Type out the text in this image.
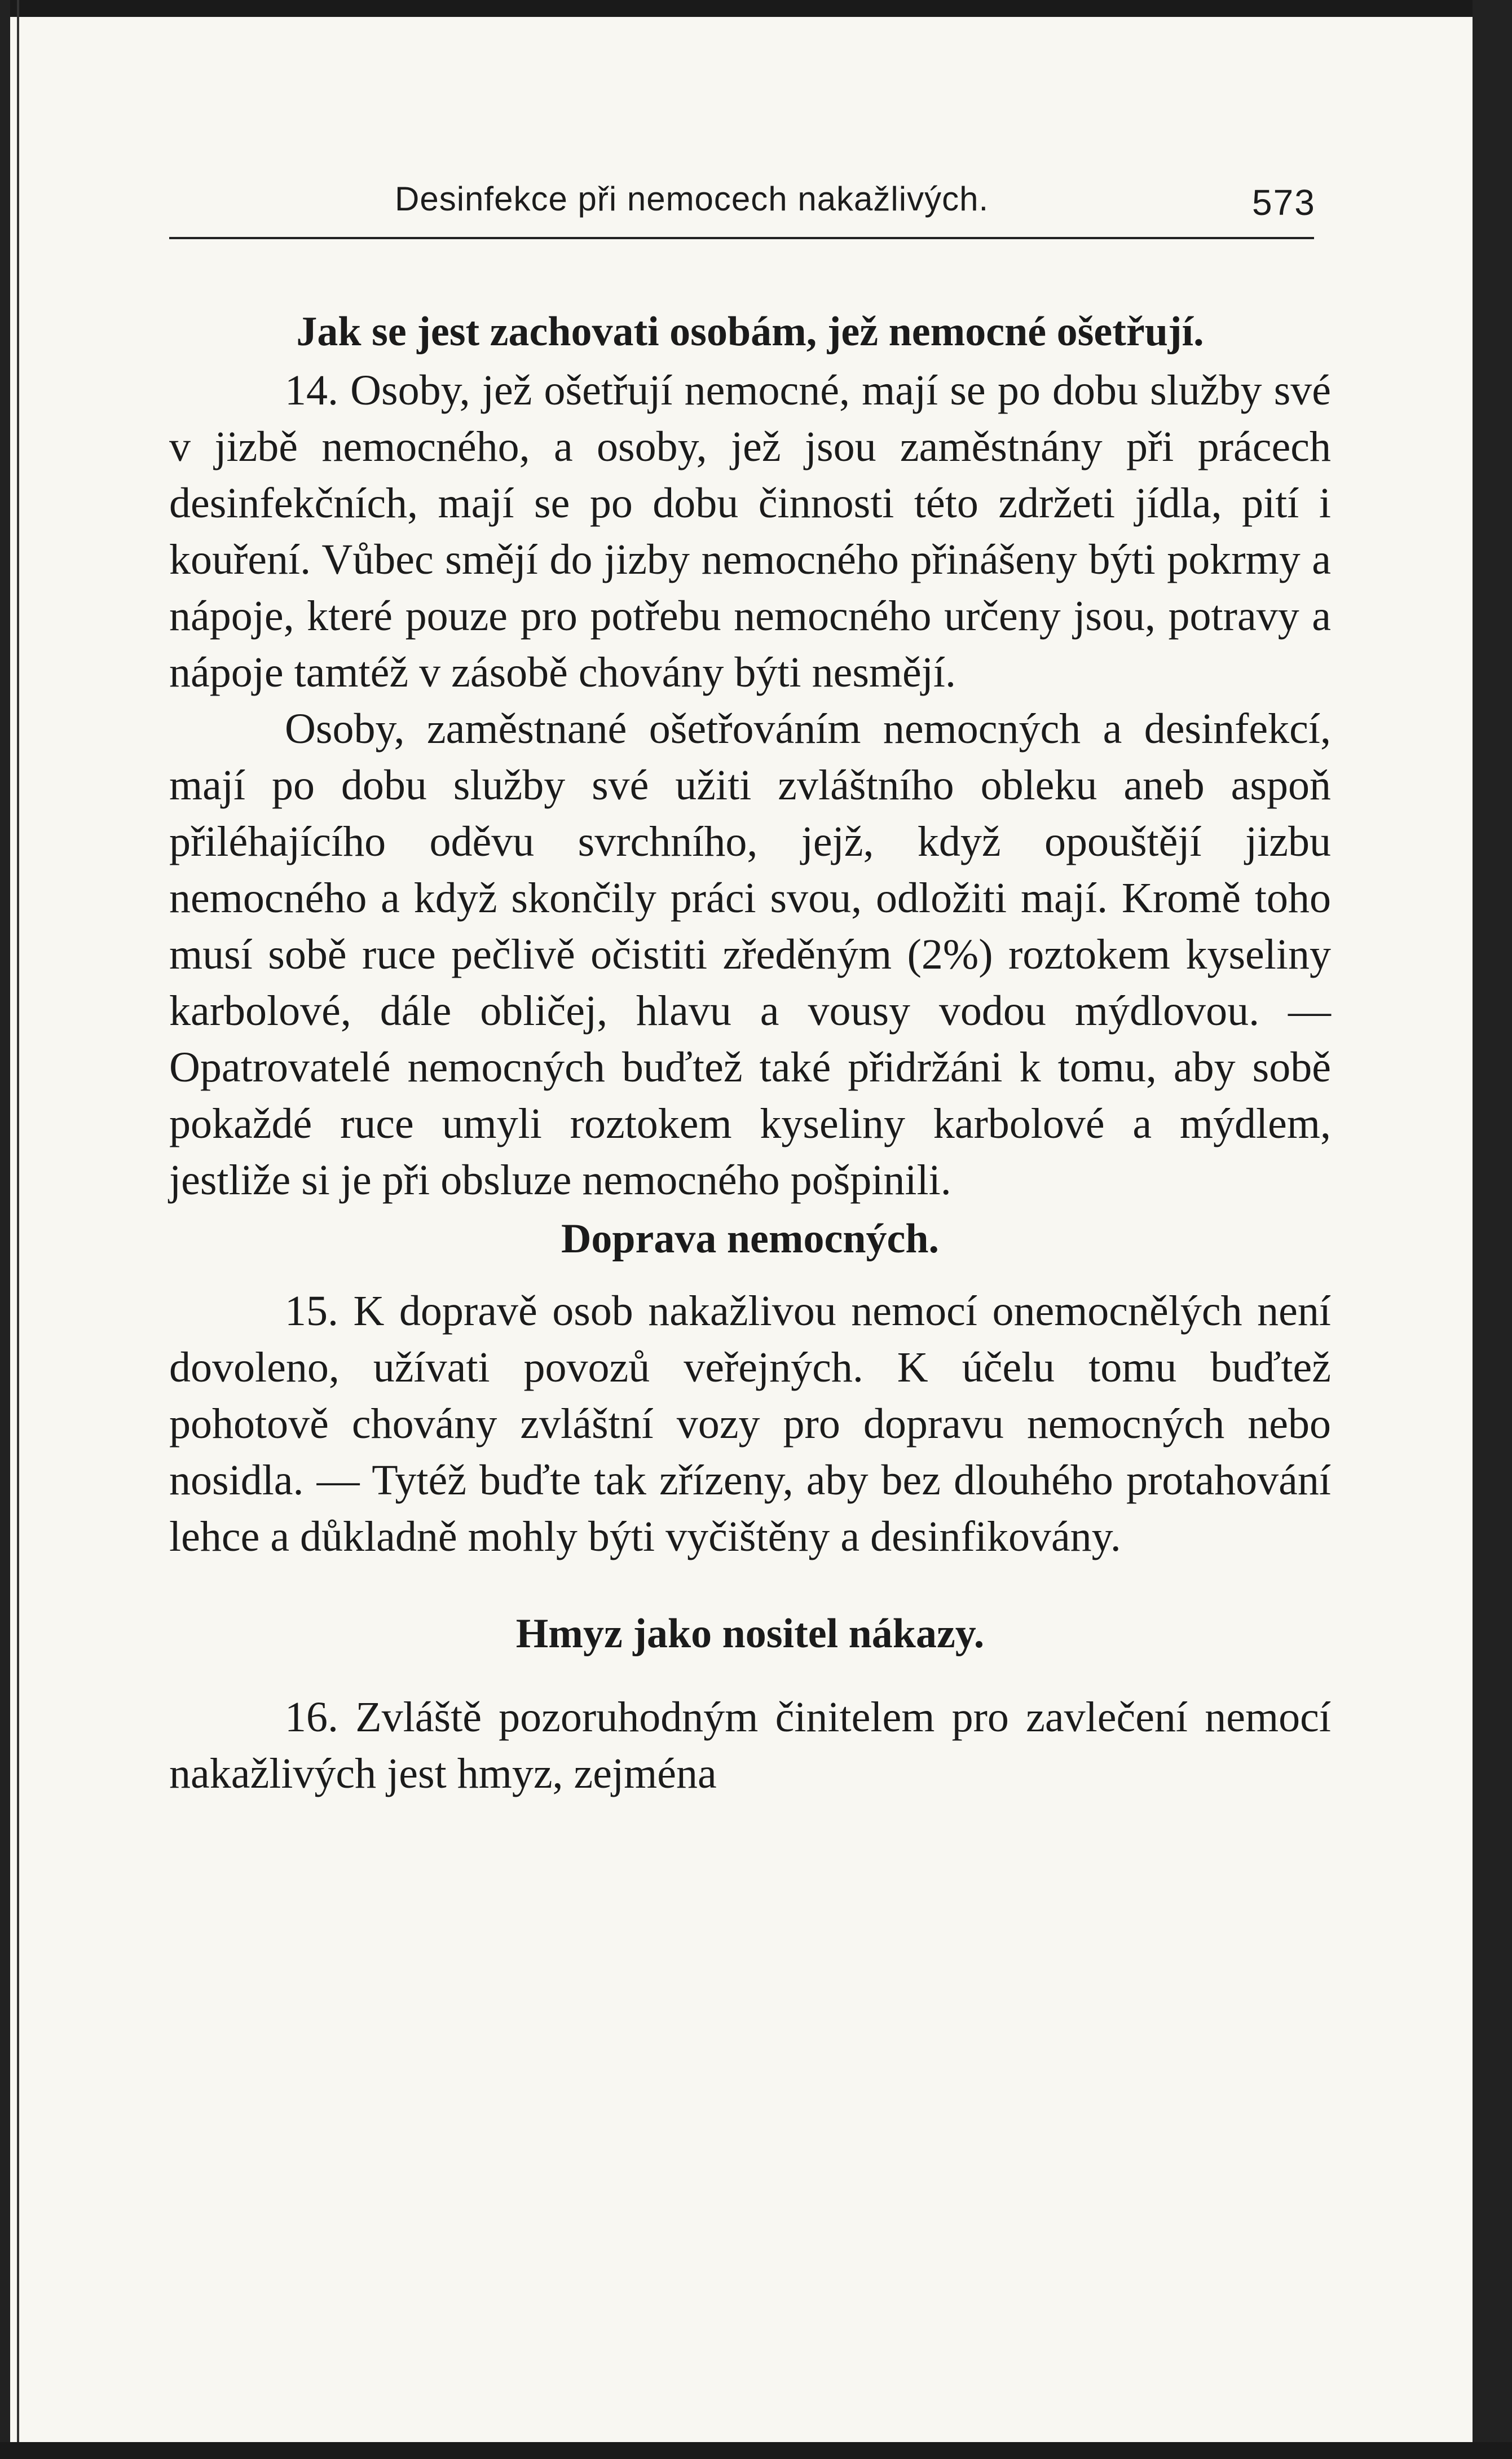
Desinfekce při nemocech nakažlivých.	573
Jak se jest zachovati osobám, jež nemocné ošetřují.

14. Osoby, jež ošetřují nemocné, mají se po dobu služby své v jizbě nemocného, a osoby, jež jsou zaměstnány při prácech desinfekčních, mají se po dobu činnosti této zdržeti jídla, pití i kouření. Vůbec smějí do jizby nemocného přinášeny býti pokrmy a nápoje, které pouze pro potřebu nemocného určeny jsou, potravy a nápoje tamtéž v zásobě chovány býti nesmějí.

Osoby, zaměstnané ošetřováním nemocných a desinfekcí, mají po dobu služby své užiti zvláštního obleku aneb aspoň přiléhajícího oděvu svrchního, jejž, když opouštějí jizbu nemocného a když skončily práci svou, odložiti mají. Kromě toho musí sobě ruce pečlivě očistiti zředěným (2%) roztokem kyseliny karbolové, dále obličej, hlavu a vousy vodou mýdlovou. — Opatrovatelé nemocných buďtež také přidržáni k tomu, aby sobě pokaždé ruce umyli roztokem kyseliny karbolové a mýdlem, jestliže si je při obsluze nemocného pošpinili.

Doprava nemocných.

15. K dopravě osob nakažlivou nemocí onemocnělých není dovoleno, užívati povozů veřejných. K účelu tomu buďtež pohotově chovány zvláštní vozy pro dopravu nemocných nebo nosidla. — Tytéž buďte tak zřízeny, aby bez dlouhého protahování lehce a důkladně mohly býti vyčištěny a desinfikovány.

Hmyz jako nositel nákazy.

16. Zvláště pozoruhodným činitelem pro zavlečení nemocí nakažlivých jest hmyz, zejména
